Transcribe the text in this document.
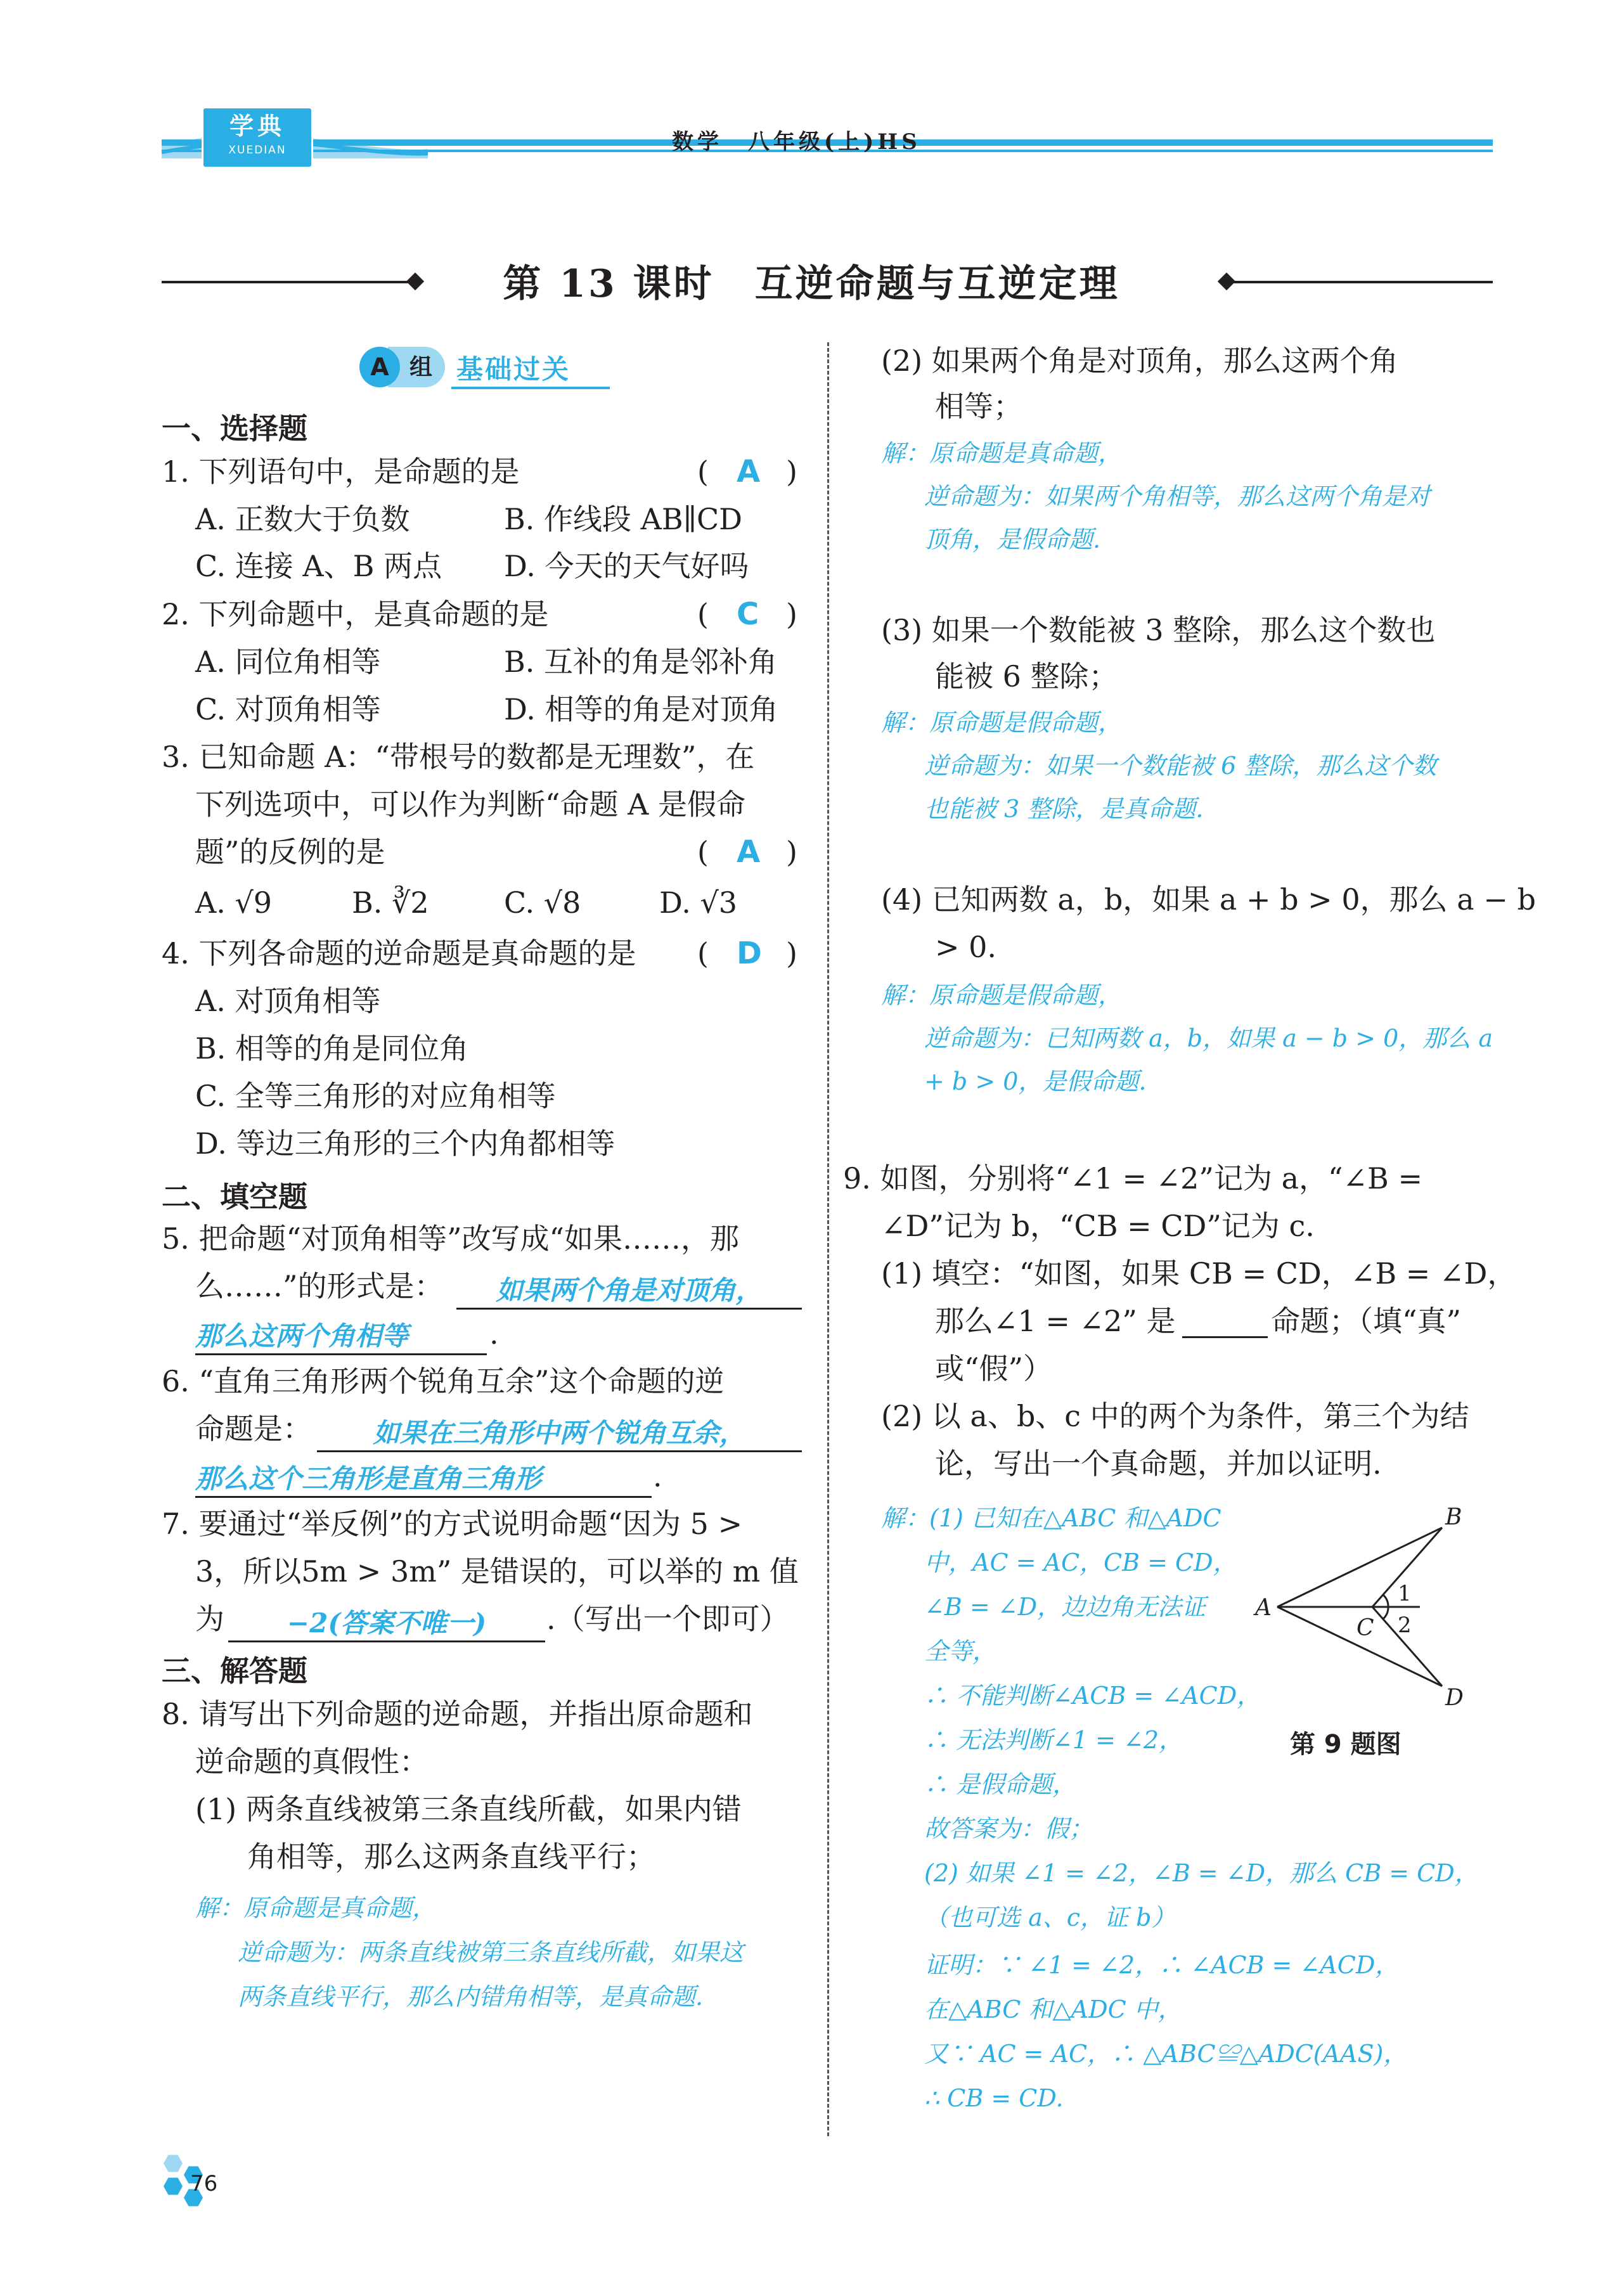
学典
XUEDIAN	数学　八年级(上)HS
第 13 课时　互逆命题与互逆定理
组
A	基础过关
一、选择题
1. 下列语句中，是命题的是	( A )
A. 正数大于负数	B. 作线段 AB∥CD
C. 连接 A、B 两点 D. 今天的天气好吗
2. 下列命题中，是真命题的是	( C )
A. 同位角相等	B. 互补的角是邻补角
C. 对顶角相等	D. 相等的角是对顶角
3. 已知命题 A：“带根号的数都是无理数”，在
下列选项中，可以作为判断“命题 A 是假命
题”的反例的是	( A )
A. √9	B. ∛2	C. √8	D. √3
4. 下列各命题的逆命题是真命题的是 ( D )
A. 对顶角相等
B. 相等的角是同位角
C. 全等三角形的对应角相等
D. 等边三角形的三个内角都相等
二、填空题
5. 把命题“对顶角相等”改写成“如果……，那
么……”的形式是：	如果两个角是对顶角，
那么这两个角相等	.
6. “直角三角形两个锐角互余”这个命题的逆
命题是：	如果在三角形中两个锐角互余，
那么这个三角形是直角三角形	.
7. 要通过“举反例”的方式说明命题“因为 5 >
3，所以5m > 3m” 是错误的，可以举的 m 值
为	−2(答案不唯一)	.（写出一个即可）
三、解答题
8. 请写出下列命题的逆命题，并指出原命题和
逆命题的真假性：
(1) 两条直线被第三条直线所截，如果内错
角相等，那么这两条直线平行；
解：原命题是真命题，
逆命题为：两条直线被第三条直线所截，如果这
两条直线平行，那么内错角相等，是真命题.
(2) 如果两个角是对顶角，那么这两个角
相等；
解：原命题是真命题，
逆命题为：如果两个角相等，那么这两个角是对
顶角，是假命题.
(3) 如果一个数能被 3 整除，那么这个数也
能被 6 整除；
解：原命题是假命题，
逆命题为：如果一个数能被 6 整除，那么这个数
也能被 3 整除，是真命题.
(4) 已知两数 a，b，如果 a + b > 0，那么 a − b
> 0.
解：原命题是假命题，
逆命题为：已知两数 a，b，如果 a − b > 0，那么 a
+ b > 0，是假命题.
9. 如图，分别将“∠1 = ∠2”记为 a，“∠B =
∠D”记为 b，“CB = CD”记为 c.
(1) 填空：“如图，如果 CB = CD，∠B = ∠D，
那么∠1 = ∠2” 是	命题；（填“真”
或“假”）
(2) 以 a、b、c 中的两个为条件，第三个为结
论，写出一个真命题，并加以证明.
解：(1) 已知在△ABC 和△ADC
中，AC = AC，CB = CD，
∠B = ∠D，边边角无法证
全等，
∴ 不能判断∠ACB = ∠ACD，
∴ 无法判断∠1 = ∠2，
∴ 是假命题，
故答案为：假；
(2) 如果 ∠1 = ∠2，∠B = ∠D，那么 CB = CD，
（也可选 a、c，证 b）
证明：∵ ∠1 = ∠2，∴ ∠ACB = ∠ACD，
在△ABC 和△ADC 中，
又∵ AC = AC，∴ △ABC≌△ADC(AAS)，
∴ CB = CD.
A
B
C
D
1
2
第 9 题图
76
